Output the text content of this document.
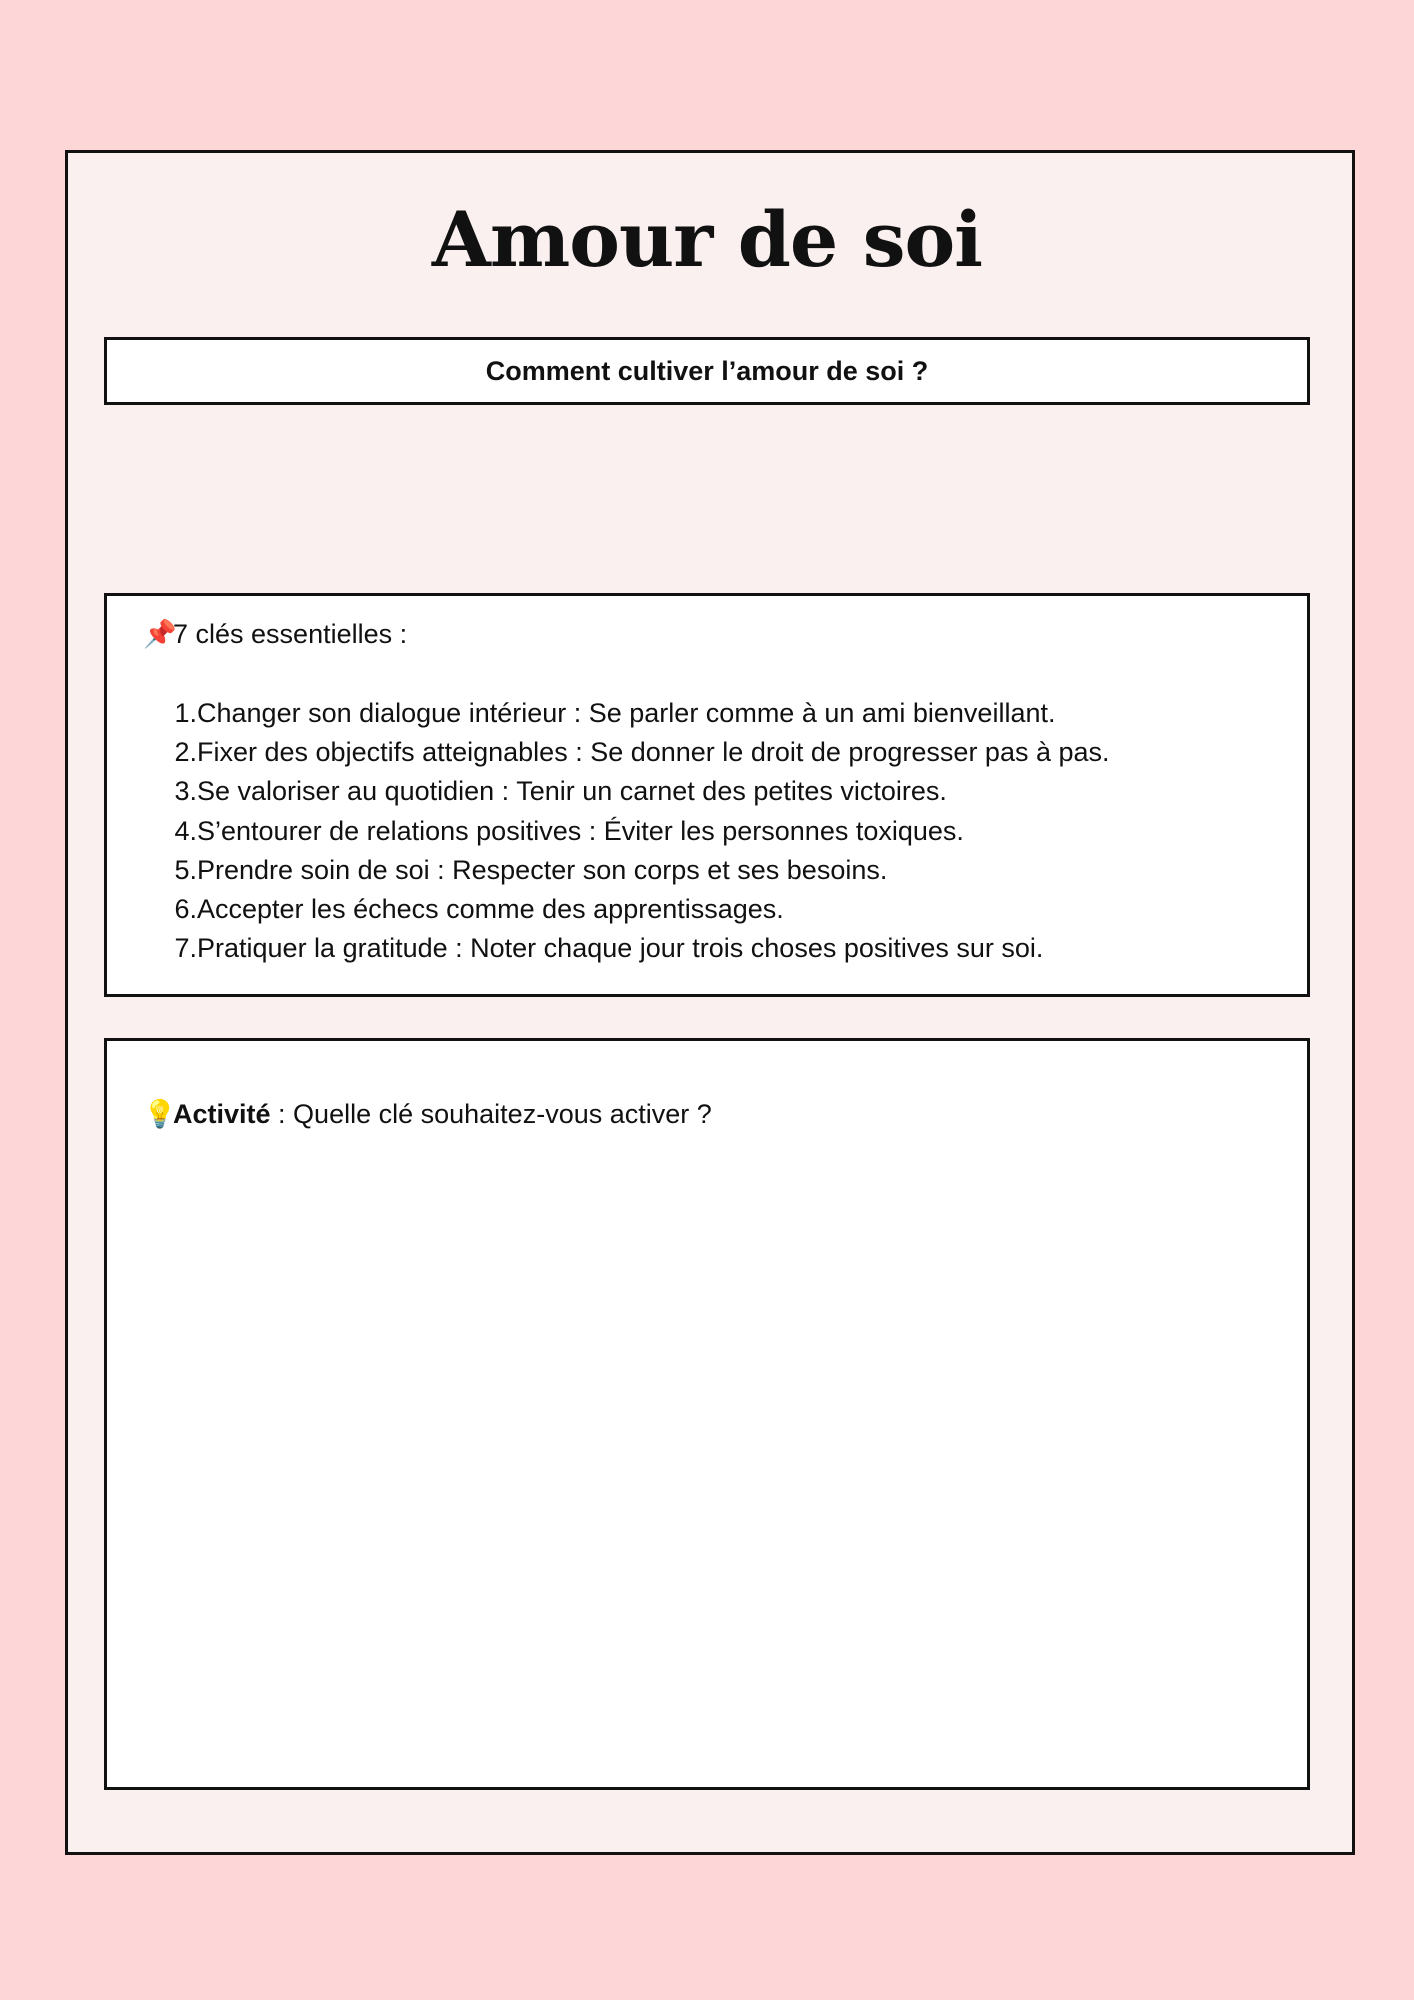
Amour de soi
Comment cultiver l’amour de soi ?
📌7 clés essentielles :
1. Changer son dialogue intérieur : Se parler comme à un ami bienveillant.
2. Fixer des objectifs atteignables : Se donner le droit de progresser pas à pas.
3. Se valoriser au quotidien : Tenir un carnet des petites victoires.
4. S’entourer de relations positives : Éviter les personnes toxiques.
5. Prendre soin de soi : Respecter son corps et ses besoins.
6. Accepter les échecs comme des apprentissages.
7. Pratiquer la gratitude : Noter chaque jour trois choses positives sur soi.
💡Activité : Quelle clé souhaitez-vous activer ?
